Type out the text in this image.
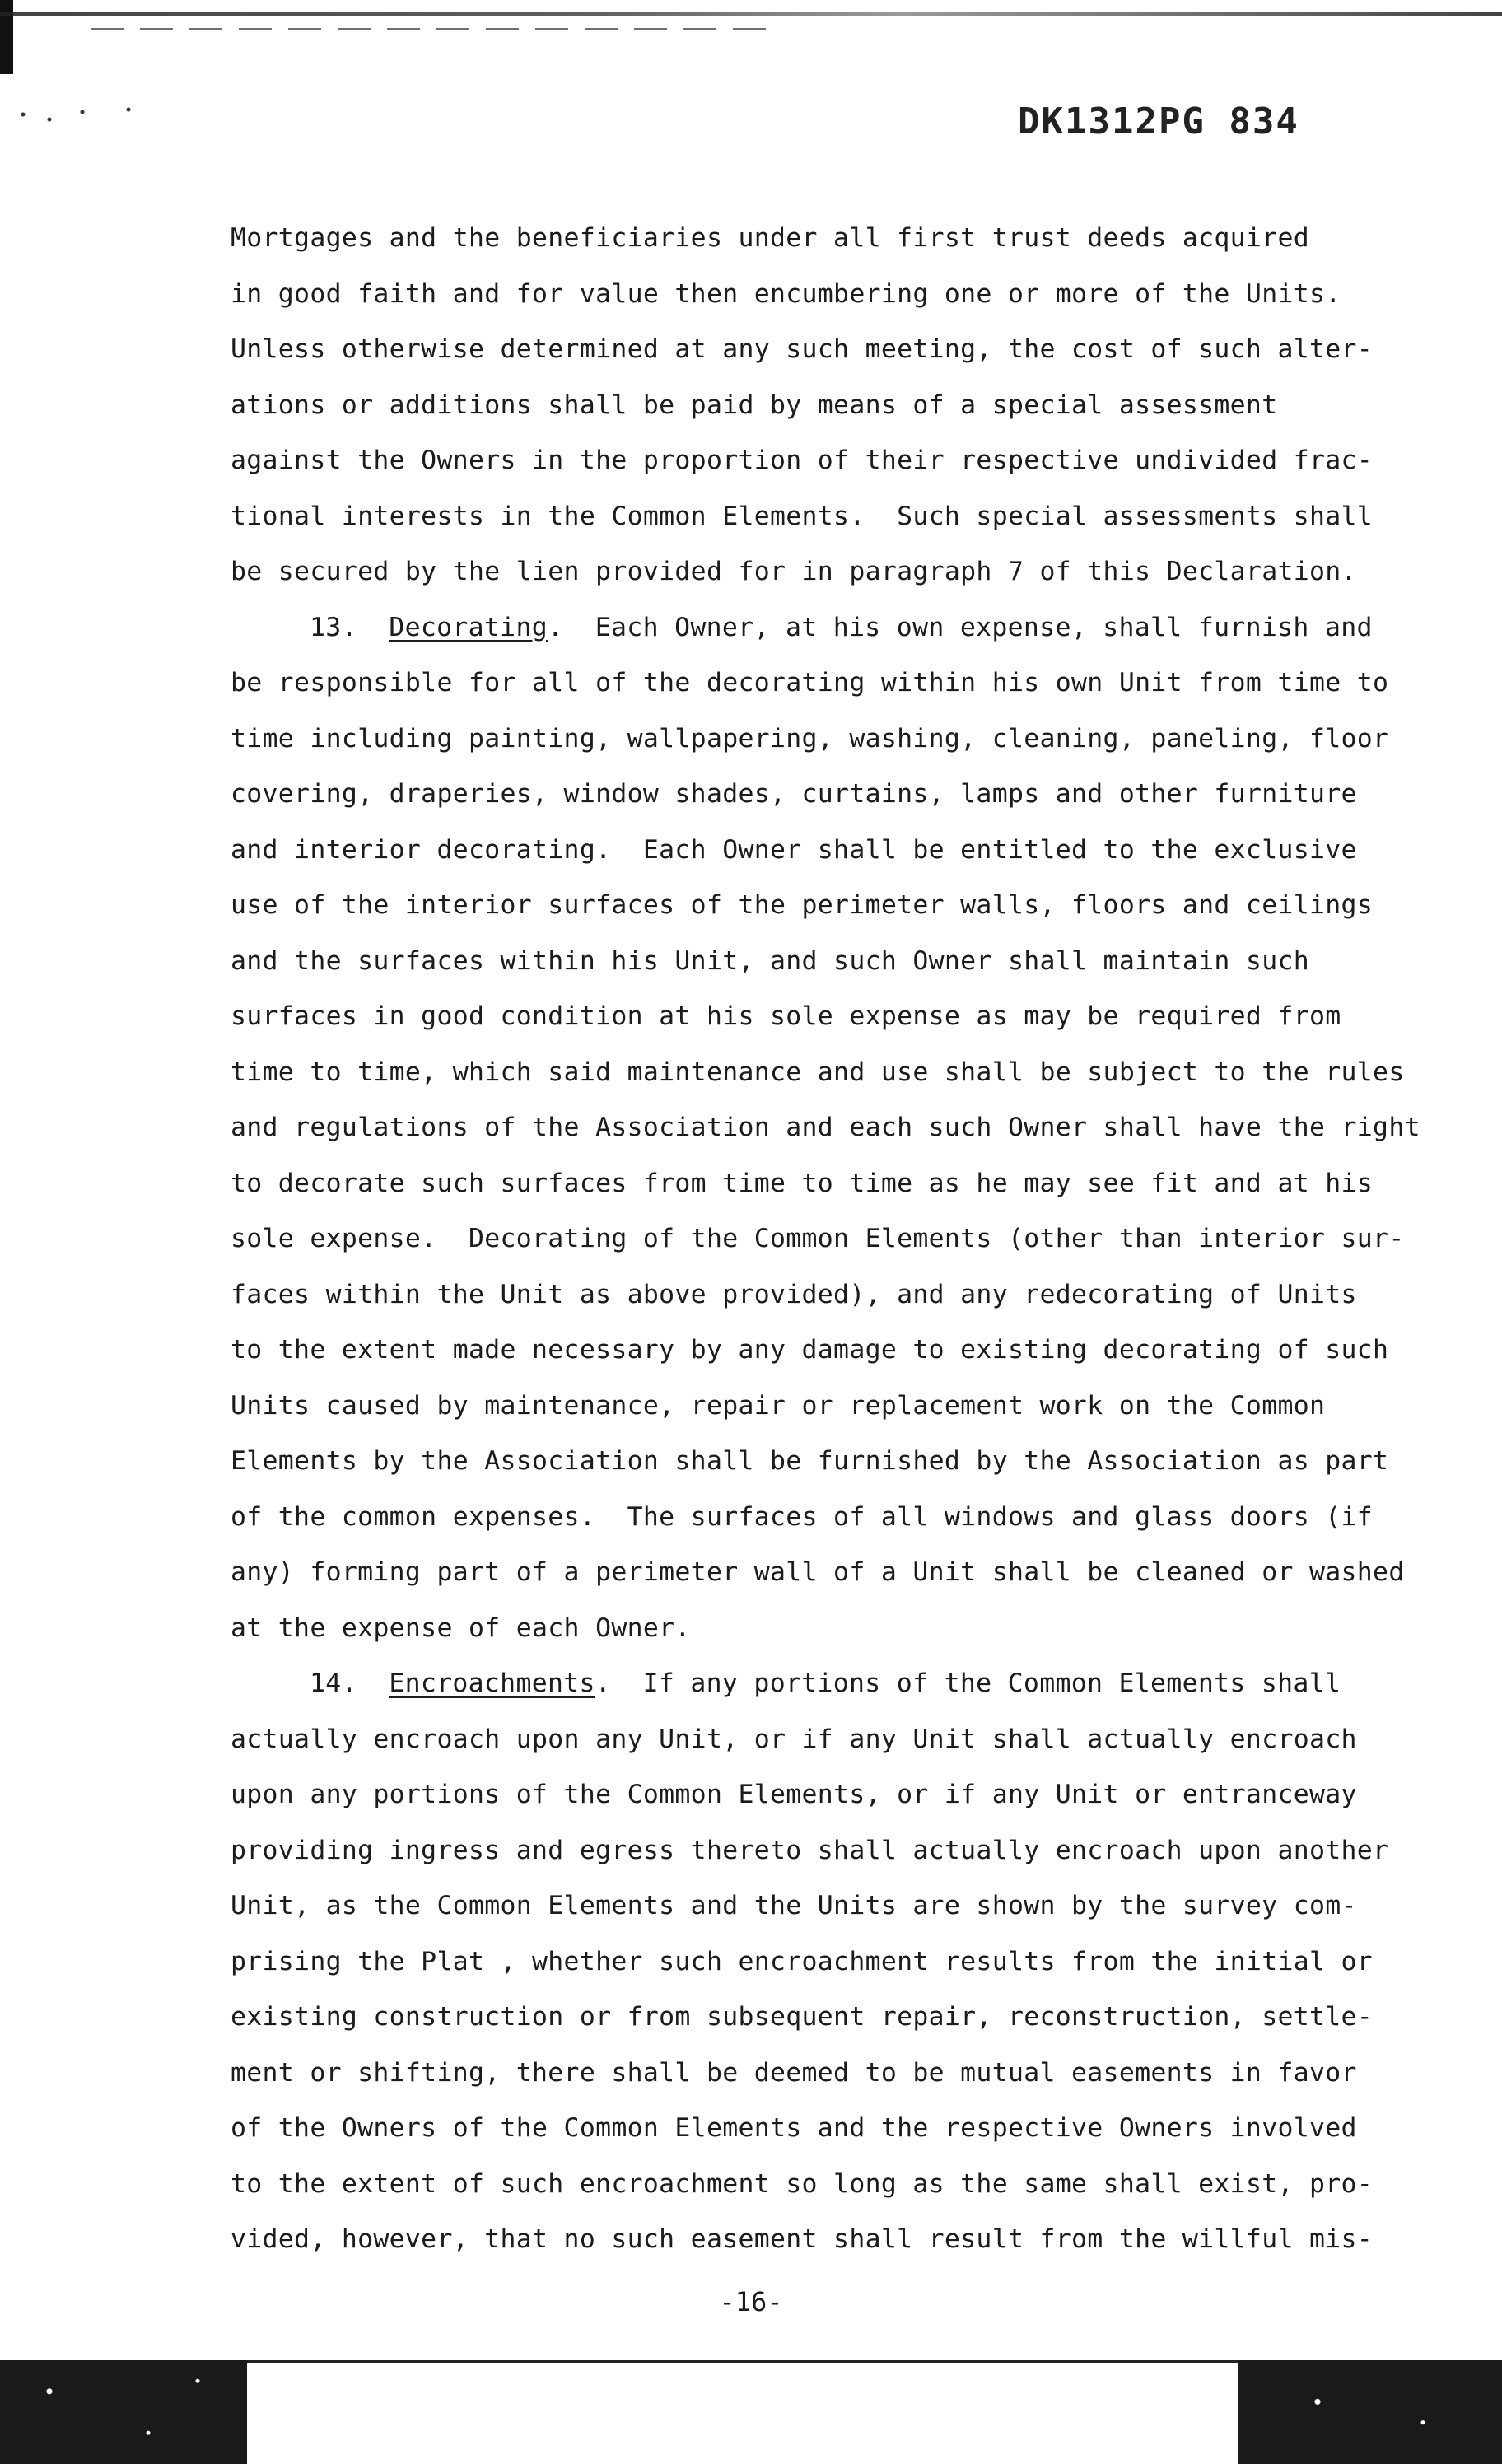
DK1312PG 834
Mortgages and the beneficiaries under all first trust deeds acquired
in good faith and for value then encumbering one or more of the Units.
Unless otherwise determined at any such meeting, the cost of such alter-
ations or additions shall be paid by means of a special assessment
against the Owners in the proportion of their respective undivided frac-
tional interests in the Common Elements.  Such special assessments shall
be secured by the lien provided for in paragraph 7 of this Declaration.
13. Decorating.  Each Owner, at his own expense, shall furnish and
be responsible for all of the decorating within his own Unit from time to
time including painting, wallpapering, washing, cleaning, paneling, floor
covering, draperies, window shades, curtains, lamps and other furniture
and interior decorating.  Each Owner shall be entitled to the exclusive
use of the interior surfaces of the perimeter walls, floors and ceilings
and the surfaces within his Unit, and such Owner shall maintain such
surfaces in good condition at his sole expense as may be required from
time to time, which said maintenance and use shall be subject to the rules
and regulations of the Association and each such Owner shall have the right
to decorate such surfaces from time to time as he may see fit and at his
sole expense.  Decorating of the Common Elements (other than interior sur-
faces within the Unit as above provided), and any redecorating of Units
to the extent made necessary by any damage to existing decorating of such
Units caused by maintenance, repair or replacement work on the Common
Elements by the Association shall be furnished by the Association as part
of the common expenses.  The surfaces of all windows and glass doors (if
any) forming part of a perimeter wall of a Unit shall be cleaned or washed
at the expense of each Owner.
14. Encroachments.  If any portions of the Common Elements shall
actually encroach upon any Unit, or if any Unit shall actually encroach
upon any portions of the Common Elements, or if any Unit or entranceway
providing ingress and egress thereto shall actually encroach upon another
Unit, as the Common Elements and the Units are shown by the survey com-
prising the Plat , whether such encroachment results from the initial or
existing construction or from subsequent repair, reconstruction, settle-
ment or shifting, there shall be deemed to be mutual easements in favor
of the Owners of the Common Elements and the respective Owners involved
to the extent of such encroachment so long as the same shall exist, pro-
vided, however, that no such easement shall result from the willful mis-
-16-
